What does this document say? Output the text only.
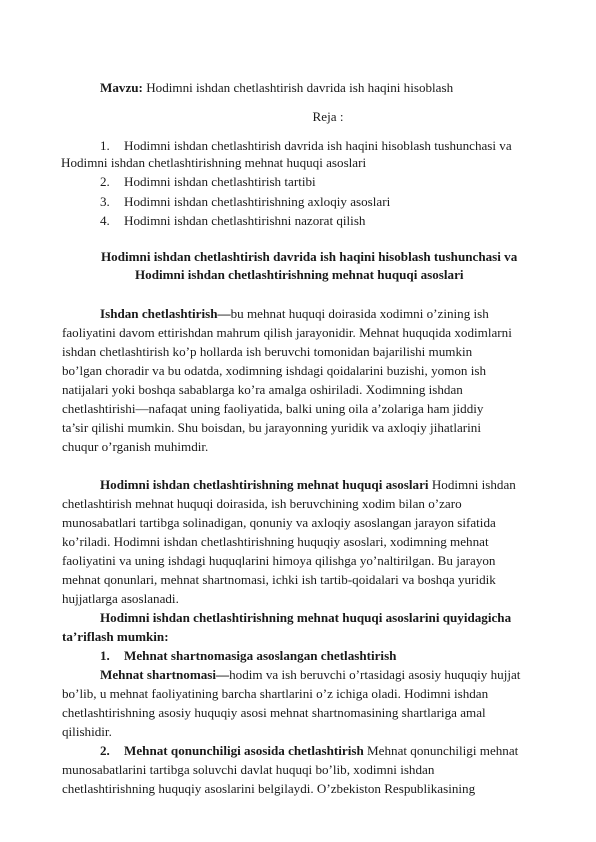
Mavzu: Hodimni ishdan chetlashtirish davrida ish haqini hisoblash
Reja :
1.	Hodimni ishdan chetlashtirish davrida ish haqini hisoblash tushunchasi va
Hodimni ishdan chetlashtirishning mehnat huquqi asoslari
2.	Hodimni ishdan chetlashtirish tartibi
3.	Hodimni ishdan chetlashtirishning axloqiy asoslari
4.	Hodimni ishdan chetlashtirishni nazorat qilish
Hodimni ishdan chetlashtirish davrida ish haqini hisoblash tushunchasi va
Hodimni ishdan chetlashtirishning mehnat huquqi asoslari
Ishdan chetlashtirish—bu mehnat huquqi doirasida xodimni o’zining ish
faoliyatini davom ettirishdan mahrum qilish jarayonidir. Mehnat huquqida xodimlarni
ishdan chetlashtirish ko’p hollarda ish beruvchi tomonidan bajarilishi mumkin
bo’lgan choradir va bu odatda, xodimning ishdagi qoidalarini buzishi, yomon ish
natijalari yoki boshqa sabablarga ko’ra amalga oshiriladi. Xodimning ishdan
chetlashtirishi—nafaqat uning faoliyatida, balki uning oila a’zolariga ham jiddiy
ta’sir qilishi mumkin. Shu boisdan, bu jarayonning yuridik va axloqiy jihatlarini
chuqur o’rganish muhimdir.
Hodimni ishdan chetlashtirishning mehnat huquqi asoslari Hodimni ishdan
chetlashtirish mehnat huquqi doirasida, ish beruvchining xodim bilan o’zaro
munosabatlari tartibga solinadigan, qonuniy va axloqiy asoslangan jarayon sifatida
ko’riladi. Hodimni ishdan chetlashtirishning huquqiy asoslari, xodimning mehnat
faoliyatini va uning ishdagi huquqlarini himoya qilishga yo’naltirilgan. Bu jarayon
mehnat qonunlari, mehnat shartnomasi, ichki ish tartib-qoidalari va boshqa yuridik
hujjatlarga asoslanadi.
Hodimni ishdan chetlashtirishning mehnat huquqi asoslarini quyidagicha
ta’riflash mumkin:
1.	Mehnat shartnomasiga asoslangan chetlashtirish
Mehnat shartnomasi—hodim va ish beruvchi o’rtasidagi asosiy huquqiy hujjat
bo’lib, u mehnat faoliyatining barcha shartlarini o’z ichiga oladi. Hodimni ishdan
chetlashtirishning asosiy huquqiy asosi mehnat shartnomasining shartlariga amal
qilishidir.
2.	Mehnat qonunchiligi asosida chetlashtirish Mehnat qonunchiligi mehnat
munosabatlarini tartibga soluvchi davlat huquqi bo’lib, xodimni ishdan
chetlashtirishning huquqiy asoslarini belgilaydi. O’zbekiston Respublikasining
